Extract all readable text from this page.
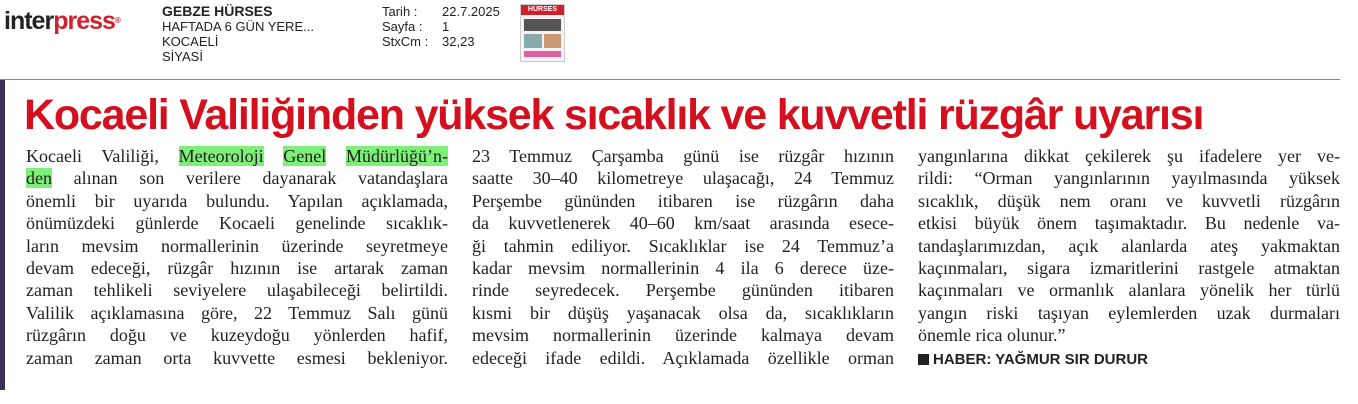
interpress®
GEBZE HÜRSES
HAFTADA 6 GÜN YERE...
KOCAELİ
SİYASİ
Tarih :	22.7.2025
Sayfa :	1
StxCm :	32,23
HÜRSES
Kocaeli Valiliğinden yüksek sıcaklık ve kuvvetli rüzgâr uyarısı
Kocaeli Valiliği, Meteoroloji Genel Müdürlüğü’n-
den alınan son verilere dayanarak vatandaşlara
önemli bir uyarıda bulundu. Yapılan açıklamada,
önümüzdeki günlerde Kocaeli genelinde sıcaklık-
ların mevsim normallerinin üzerinde seyretmeye
devam edeceği, rüzgâr hızının ise artarak zaman
zaman tehlikeli seviyelere ulaşabileceği belirtildi.
Valilik açıklamasına göre, 22 Temmuz Salı günü
rüzgârın doğu ve kuzeydoğu yönlerden hafif,
zaman zaman orta kuvvette esmesi bekleniyor.
23 Temmuz Çarşamba günü ise rüzgâr hızının
saatte 30–40 kilometreye ulaşacağı, 24 Temmuz
Perşembe gününden itibaren ise rüzgârın daha
da kuvvetlenerek 40–60 km/saat arasında esece-
ği tahmin ediliyor. Sıcaklıklar ise 24 Temmuz’a
kadar mevsim normallerinin 4 ila 6 derece üze-
rinde seyredecek. Perşembe gününden itibaren
kısmi bir düşüş yaşanacak olsa da, sıcaklıkların
mevsim normallerinin üzerinde kalmaya devam
edeceği ifade edildi. Açıklamada özellikle orman
yangınlarına dikkat çekilerek şu ifadelere yer ve-
rildi: “Orman yangınlarının yayılmasında yüksek
sıcaklık, düşük nem oranı ve kuvvetli rüzgârın
etkisi büyük önem taşımaktadır. Bu nedenle va-
tandaşlarımızdan, açık alanlarda ateş yakmaktan
kaçınmaları, sigara izmaritlerini rastgele atmaktan
kaçınmaları ve ormanlık alanlara yönelik her türlü
yangın riski taşıyan eylemlerden uzak durmaları
önemle rica olunur.”
HABER: YAĞMUR SIR DURUR
